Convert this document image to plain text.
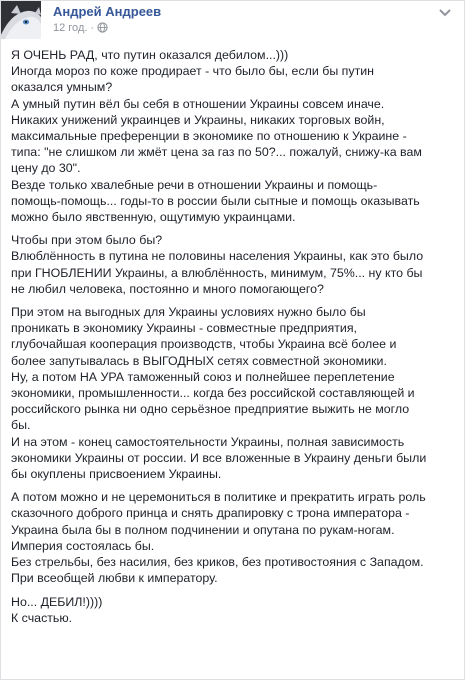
Андрей Андреев
12 год. ·
Я ОЧЕНЬ РАД, что путин оказался дебилом...)))
Иногда мороз по коже продирает - что было бы, если бы путин
оказался умным?
А умный путин вёл бы себя в отношении Украины совсем иначе.
Никаких унижений украинцев и Украины, никаких торговых войн,
максимальные преференции в экономике по отношению к Украине -
типа: "не слишком ли жмёт цена за газ по 50?... пожалуй, снижу-ка вам
цену до 30".
Везде только хвалебные речи в отношении Украины и помощь-
помощь-помощь... годы-то в россии были сытные и помощь оказывать
можно было явственную, ощутимую украинцами.
Чтобы при этом было бы?
Влюблённость в путина не половины населения Украины, как это было
при ГНОБЛЕНИИ Украины, а влюблённость, минимум, 75%... ну кто бы
не любил человека, постоянно и много помогающего?
При этом на выгодных для Украины условиях нужно было бы
проникать в экономику Украины - совместные предприятия,
глубочайшая кооперация производств, чтобы Украина всё более и
более запутывалась в ВЫГОДНЫХ сетях совместной экономики.
Ну, а потом НА УРА таможенный союз и полнейшее переплетение
экономики, промышленности... когда без российской составляющей и
российского рынка ни одно серьёзное предприятие выжить не могло
бы.
И на этом - конец самостоятельности Украины, полная зависимость
экономики Украины от россии. И все вложенные в Украину деньги были
бы окуплены присвоением Украины.
А потом можно и не церемониться в политике и прекратить играть роль
сказочного доброго принца и снять драпировку с трона императора -
Украина была бы в полном подчинении и опутана по рукам-ногам.
Империя состоялась бы.
Без стрельбы, без насилия, без криков, без противостояния с Западом.
При всеобщей любви к императору.
Но... ДЕБИЛ!))))
К счастью.
